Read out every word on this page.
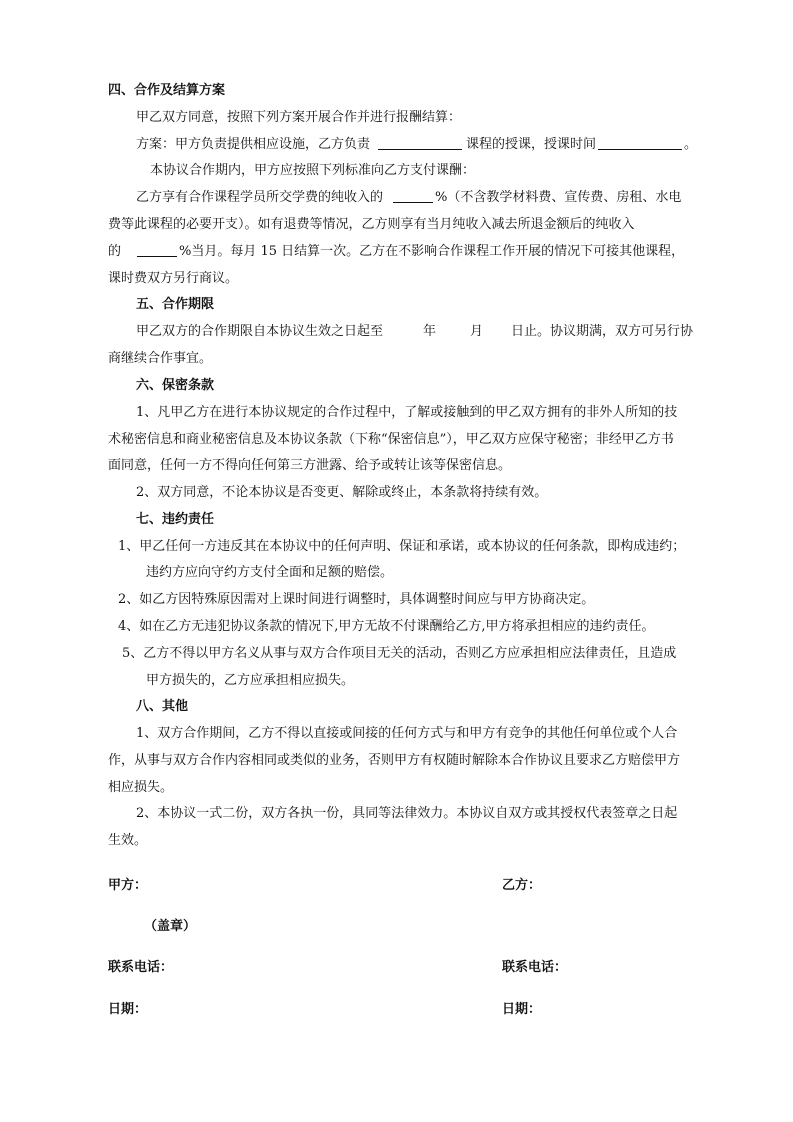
四、合作及结算方案
甲乙双方同意，按照下列方案开展合作并进行报酬结算：
方案：甲方负责提供相应设施，乙方负责	课程的授课，授课时间	。
本协议合作期内，甲方应按照下列标准向乙方支付课酬：
乙方享有合作课程学员所交学费的纯收入的	%（不含教学材料费、宣传费、房租、水电
费等此课程的必要开支）。如有退费等情况，乙方则享有当月纯收入减去所退金额后的纯收入
的	%当月。每月 15 日结算一次。乙方在不影响合作课程工作开展的情况下可接其他课程，
课时费双方另行商议。
五、合作期限
甲乙双方的合作期限自本协议生效之日起至	年	月 日止。协议期满，双方可另行协
商继续合作事宜。
六、保密条款
1、凡甲乙方在进行本协议规定的合作过程中，了解或接触到的甲乙双方拥有的非外人所知的技
术秘密信息和商业秘密信息及本协议条款（下称“保密信息”），甲乙双方应保守秘密；非经甲乙方书
面同意，任何一方不得向任何第三方泄露、给予或转让该等保密信息。
2、双方同意，不论本协议是否变更、解除或终止，本条款将持续有效。
七、违约责任
1、甲乙任何一方违反其在本协议中的任何声明、保证和承诺，或本协议的任何条款，即构成违约；
违约方应向守约方支付全面和足额的赔偿。
2、如乙方因特殊原因需对上课时间进行调整时，具体调整时间应与甲方协商决定。
4、如在乙方无违犯协议条款的情况下,甲方无故不付课酬给乙方,甲方将承担相应的违约责任。
5、乙方不得以甲方名义从事与双方合作项目无关的活动，否则乙方应承担相应法律责任，且造成
甲方损失的，乙方应承担相应损失。
八、其他
1、双方合作期间，乙方不得以直接或间接的任何方式与和甲方有竞争的其他任何单位或个人合
作，从事与双方合作内容相同或类似的业务，否则甲方有权随时解除本合作协议且要求乙方赔偿甲方
相应损失。
2、本协议一式二份，双方各执一份，具同等法律效力。本协议自双方或其授权代表签章之日起
生效。
甲方：	乙方：
（盖章）
联系电话：	联系电话：
日期：	日期：
